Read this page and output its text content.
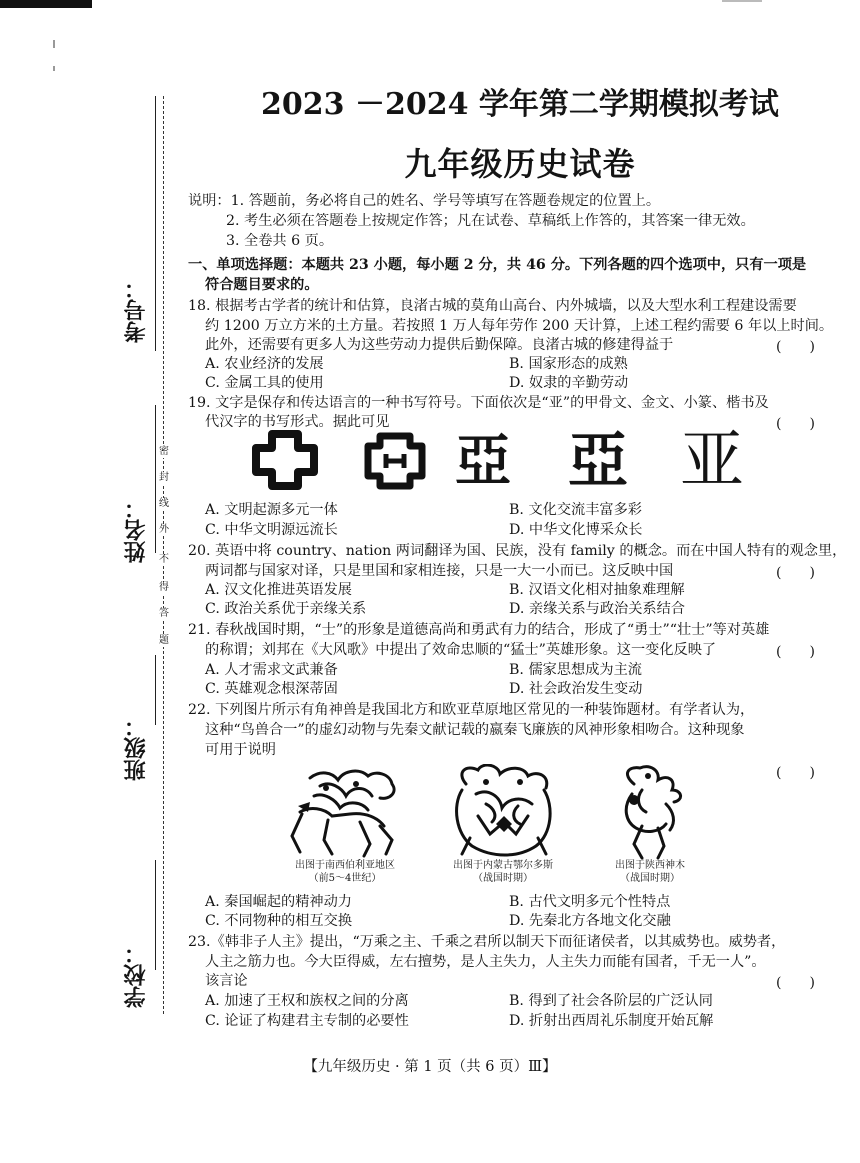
密
封
线
外
不
得
答
题
考号：
姓名：
班级：
学校：
2023 －2024 学年第二学期模拟考试
九年级历史试卷
说明：1. 答题前，务必将自己的姓名、学号等填写在答题卷规定的位置上。
2. 考生必须在答题卷上按规定作答；凡在试卷、草稿纸上作答的，其答案一律无效。
3. 全卷共 6 页。
一、单项选择题：本题共 23 小题，每小题 2 分，共 46 分。下列各题的四个选项中，只有一项是
符合题目要求的。
18. 根据考古学者的统计和估算，良渚古城的莫角山高台、内外城墙，以及大型水利工程建设需要
约 1200 万立方米的土方量。若按照 1 万人每年劳作 200 天计算，上述工程约需要 6 年以上时间。
此外，还需要有更多人为这些劳动力提供后勤保障。良渚古城的修建得益于	(　　)
A. 农业经济的发展	B. 国家形态的成熟
C. 金属工具的使用	D. 奴隶的辛勤劳动
19. 文字是保存和传达语言的一种书写符号。下面依次是“亚”的甲骨文、金文、小篆、楷书及
代汉字的书写形式。据此可见	(　　)
亞 亞 亚
A. 文明起源多元一体	B. 文化交流丰富多彩
C. 中华文明源远流长	D. 中华文化博采众长
20. 英语中将 country、nation 两词翻译为国、民族，没有 family 的概念。而在中国人特有的观念里，
两词都与国家对译，只是里国和家相连接，只是一大一小而已。这反映中国	(　　)
A. 汉文化推进英语发展	B. 汉语文化相对抽象难理解
C. 政治关系优于亲缘关系	D. 亲缘关系与政治关系结合
21. 春秋战国时期，“士”的形象是道德高尚和勇武有力的结合，形成了“勇士”“壮士”等对英雄
的称谓；刘邦在《大风歌》中提出了效命忠顺的“猛士”英雄形象。这一变化反映了	(　　)
A. 人才需求文武兼备	B. 儒家思想成为主流
C. 英雄观念根深蒂固	D. 社会政治发生变动
22. 下列图片所示有角神兽是我国北方和欧亚草原地区常见的一种装饰题材。有学者认为，
这种“鸟兽合一”的虚幻动物与先秦文献记载的嬴秦飞廉族的风神形象相吻合。这种现象
可用于说明
(　　)
出图于南西伯利亚地区
（前5～4世纪）
出图于内蒙古鄂尔多斯
（战国时期）
出图于陕西神木
（战国时期）
A. 秦国崛起的精神动力	B. 古代文明多元个性特点
C. 不同物种的相互交换	D. 先秦北方各地文化交融
23.《韩非子人主》提出，“万乘之主、千乘之君所以制天下而征诸侯者，以其威势也。威势者，
人主之筋力也。今大臣得威，左右擅势，是人主失力，人主失力而能有国者，千无一人”。
该言论	(　　)
A. 加速了王权和族权之间的分离	B. 得到了社会各阶层的广泛认同
C. 论证了构建君主专制的必要性	D. 折射出西周礼乐制度开始瓦解
【九年级历史 · 第 1 页（共 6 页）Ⅲ】
